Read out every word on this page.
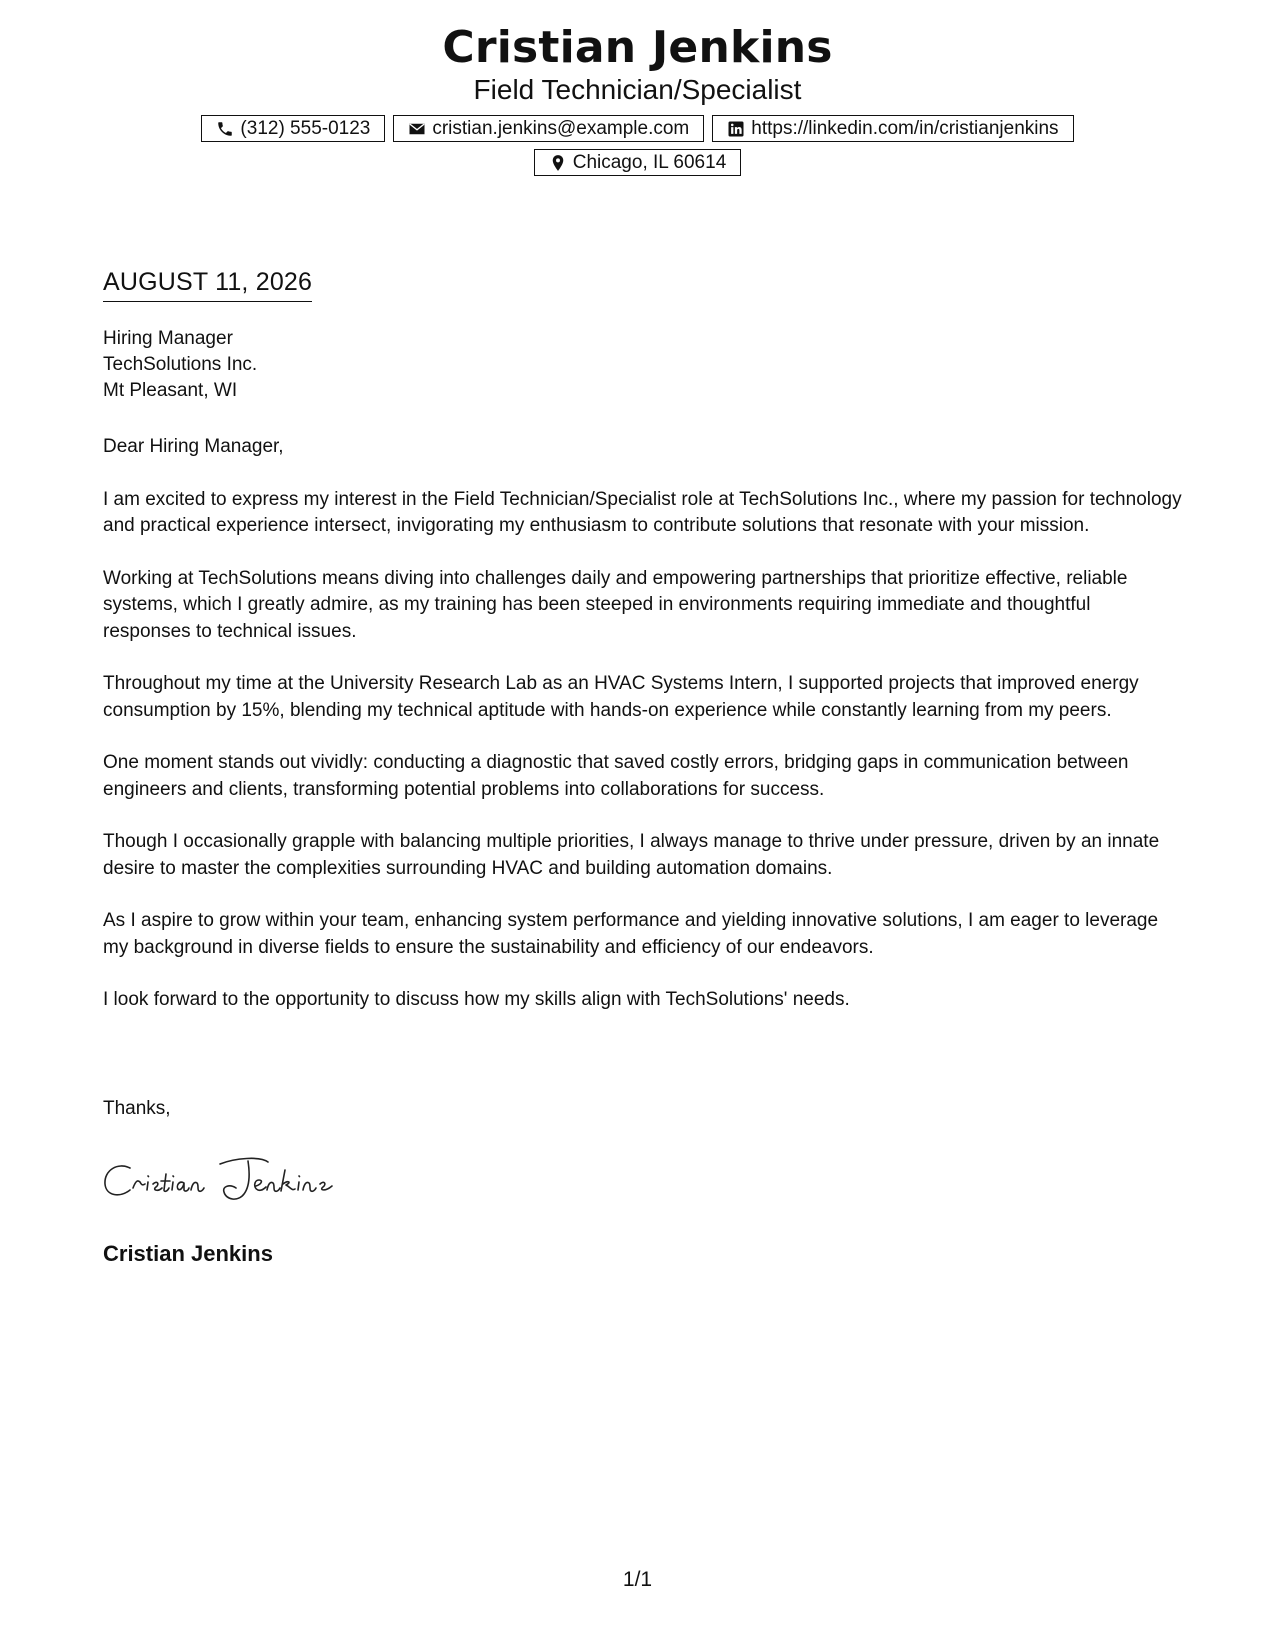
Cristian Jenkins
Field Technician/Specialist
(312) 555-0123	cristian.jenkins@example.com	https://linkedin.com/in/cristianjenkins
Chicago, IL 60614
AUGUST 11, 2026
Hiring Manager
TechSolutions Inc.
Mt Pleasant, WI

Dear Hiring Manager,

I am excited to express my interest in the Field Technician/Specialist role at TechSolutions Inc., where my passion for technology and practical experience intersect, invigorating my enthusiasm to contribute solutions that resonate with your mission.

Working at TechSolutions means diving into challenges daily and empowering partnerships that prioritize effective, reliable systems, which I greatly admire, as my training has been steeped in environments requiring immediate and thoughtful responses to technical issues.

Throughout my time at the University Research Lab as an HVAC Systems Intern, I supported projects that improved energy consumption by 15%, blending my technical aptitude with hands-on experience while constantly learning from my peers.

One moment stands out vividly: conducting a diagnostic that saved costly errors, bridging gaps in communication between engineers and clients, transforming potential problems into collaborations for success.

Though I occasionally grapple with balancing multiple priorities, I always manage to thrive under pressure, driven by an innate desire to master the complexities surrounding HVAC and building automation domains.

As I aspire to grow within your team, enhancing system performance and yielding innovative solutions, I am eager to leverage my background in diverse fields to ensure the sustainability and efficiency of our endeavors.

I look forward to the opportunity to discuss how my skills align with TechSolutions' needs.

Thanks,
Cristian Jenkins
1/1
